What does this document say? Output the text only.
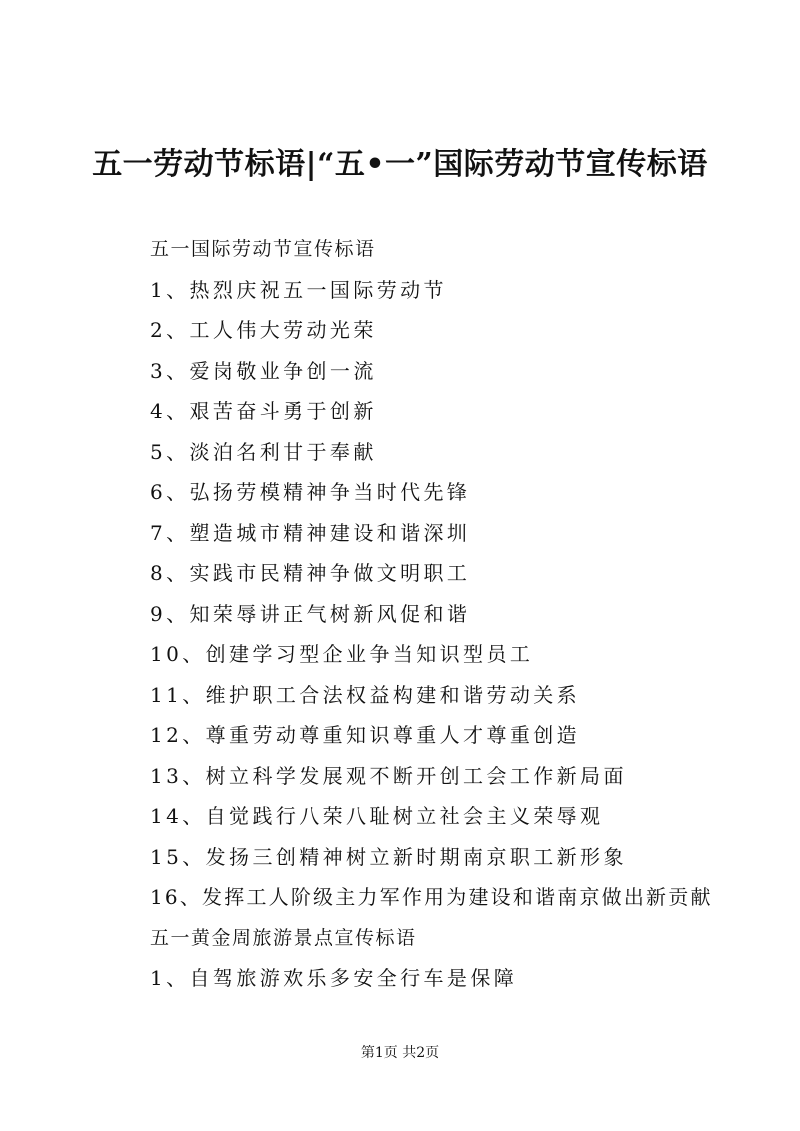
五一劳动节标语|“五•一”国际劳动节宣传标语
五一国际劳动节宣传标语
1、热烈庆祝五一国际劳动节
2、工人伟大劳动光荣
3、爱岗敬业争创一流
4、艰苦奋斗勇于创新
5、淡泊名利甘于奉献
6、弘扬劳模精神争当时代先锋
7、塑造城市精神建设和谐深圳
8、实践市民精神争做文明职工
9、知荣辱讲正气树新风促和谐
10、创建学习型企业争当知识型员工
11、维护职工合法权益构建和谐劳动关系
12、尊重劳动尊重知识尊重人才尊重创造
13、树立科学发展观不断开创工会工作新局面
14、自觉践行八荣八耻树立社会主义荣辱观
15、发扬三创精神树立新时期南京职工新形象
16、发挥工人阶级主力军作用为建设和谐南京做出新贡献
五一黄金周旅游景点宣传标语
1、自驾旅游欢乐多安全行车是保障
第1页 共2页
